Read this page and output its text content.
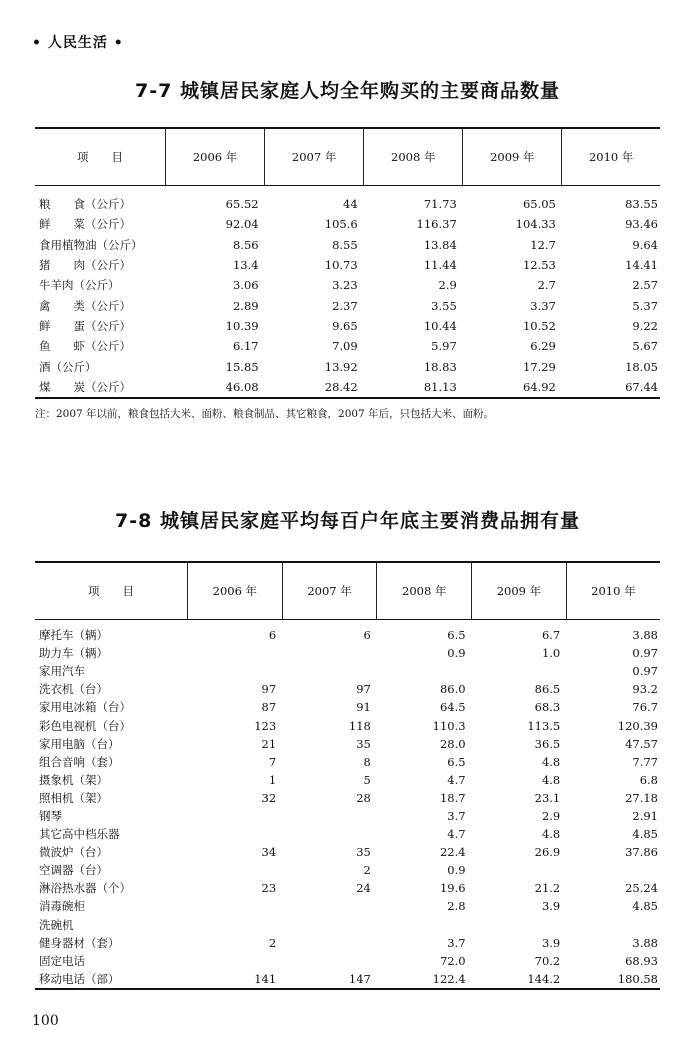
• 人民生活 •
7-7 城镇居民家庭人均全年购买的主要商品数量
项　　目	2006 年	2007 年	2008 年	2009 年	2010 年
粮　　食（公斤）	65.52	44	71.73	65.05	83.55
鲜　　菜（公斤）	92.04	105.6	116.37	104.33	93.46
食用植物油（公斤）	8.56	8.55	13.84	12.7	9.64
猪　　肉（公斤）	13.4	10.73	11.44	12.53	14.41
牛羊肉（公斤）	3.06	3.23	2.9	2.7	2.57
禽　　类（公斤）	2.89	2.37	3.55	3.37	5.37
鲜　　蛋（公斤）	10.39	9.65	10.44	10.52	9.22
鱼　　虾（公斤）	6.17	7.09	5.97	6.29	5.67
酒（公斤）	15.85	13.92	18.83	17.29	18.05
煤　　炭（公斤）	46.08	28.42	81.13	64.92	67.44
注：2007 年以前，粮食包括大米、面粉、粮食制品、其它粮食，2007 年后，只包括大米、面粉。
7-8 城镇居民家庭平均每百户年底主要消费品拥有量
项　　目	2006 年	2007 年	2008 年	2009 年	2010 年
摩托车（辆）	6	6	6.5	6.7	3.88
助力车（辆）			0.9	1.0	0.97
家用汽车					0.97
洗衣机（台）	97	97	86.0	86.5	93.2
家用电冰箱（台）	87	91	64.5	68.3	76.7
彩色电视机（台）	123	118	110.3	113.5	120.39
家用电脑（台）	21	35	28.0	36.5	47.57
组合音响（套）	7	8	6.5	4.8	7.77
摄象机（架）	1	5	4.7	4.8	6.8
照相机（架）	32	28	18.7	23.1	27.18
钢琴			3.7	2.9	2.91
其它高中档乐器			4.7	4.8	4.85
微波炉（台）	34	35	22.4	26.9	37.86
空调器（台）		2	0.9		
淋浴热水器（个）	23	24	19.6	21.2	25.24
消毒碗柜			2.8	3.9	4.85
洗碗机					
健身器材（套）	2		3.7	3.9	3.88
固定电话			72.0	70.2	68.93
移动电话（部）	141	147	122.4	144.2	180.58
100
